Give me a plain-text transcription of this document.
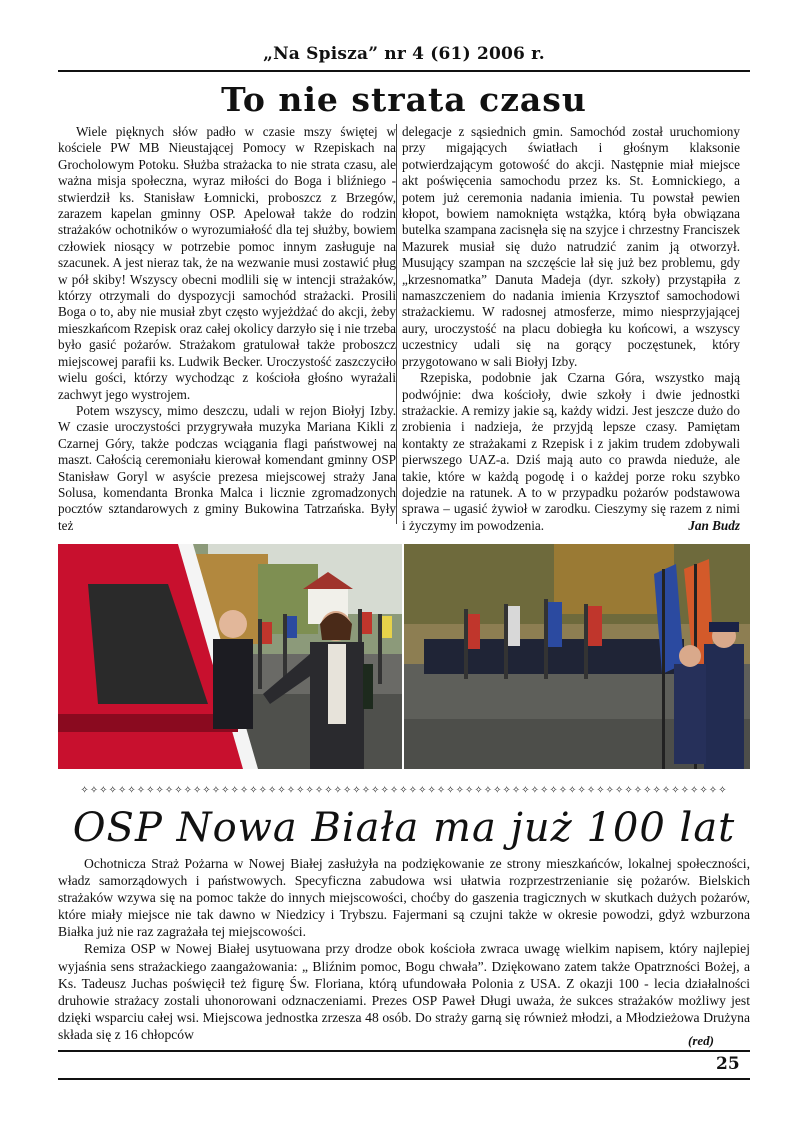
„Na Spisza” nr 4 (61) 2006 r.
To nie strata czasu

Wiele pięknych słów padło w czasie mszy świętej w kościele PW MB Nieustającej Pomocy w Rzepiskach na Grocholowym Potoku. Służba strażacka to nie strata czasu, ale ważna misja społeczna, wyraz miłości do Boga i bliźniego - stwierdził ks. Stanisław Łomnicki, proboszcz z Brzegów, zarazem kapelan gminny OSP. Apelował także do rodzin strażaków ochotników o wyrozumiałość dla tej służby, bowiem człowiek niosący w potrzebie pomoc innym zasługuje na szacunek. A jest nieraz tak, że na wezwanie musi zostawić pług w pół skiby! Wszyscy obecni modlili się w intencji strażaków, którzy otrzymali do dyspozycji samochód strażacki. Prosili Boga o to, aby nie musiał zbyt często wyjeżdżać do akcji, żeby mieszkańcom Rzepisk oraz całej okolicy darzyło się i nie trzeba było gasić pożarów. Strażakom gratulował także proboszcz miejscowej parafii ks. Ludwik Becker. Uroczystość zaszczyciło wielu gości, którzy wychodząc z kościoła głośno wyrażali zachwyt jego wystrojem.

Potem wszyscy, mimo deszczu, udali w rejon Biołyj Izby. W czasie uroczystości przygrywała muzyka Mariana Kikli z Czarnej Góry, także podczas wciągania flagi państwowej na maszt. Całością ceremoniału kierował komendant gminny OSP Stanisław Goryl w asyście prezesa miejscowej straży Jana Solusa, komendanta Bronka Malca i licznie zgromadzonych pocztów sztandarowych z gminy Bukowina Tatrzańska. Były też

delegacje z sąsiednich gmin. Samochód został uruchomiony przy migających światłach i głośnym klaksonie potwierdzającym gotowość do akcji. Następnie miał miejsce akt poświęcenia samochodu przez ks. St. Łomnickiego, a potem już ceremonia nadania imienia. Tu powstał pewien kłopot, bowiem namoknięta wstążka, którą była obwiązana butelka szampana zacisnęła się na szyjce i chrzestny Franciszek Mazurek musiał się dużo natrudzić zanim ją otworzył. Musujący szampan na szczęście lał się już bez problemu, gdy „krzesnomatka” Danuta Madeja (dyr. szkoły) przystąpiła z namaszczeniem do nadania imienia Krzysztof samochodowi strażackiemu. W radosnej atmosferze, mimo niesprzyjającej aury, uroczystość na placu dobiegła ku końcowi, a wszyscy uczestnicy udali się na gorący poczęstunek, który przygotowano w sali Biołyj Izby.

Rzepiska, podobnie jak Czarna Góra, wszystko mają podwójnie: dwa kościoły, dwie szkoły i dwie jednostki strażackie. A remizy jakie są, każdy widzi. Jest jeszcze dużo do zrobienia i nadzieja, że przyjdą lepsze czasy. Pamiętam kontakty ze strażakami z Rzepisk i z jakim trudem zdobywali pierwszego UAZ-a. Dziś mają auto co prawda nieduże, ale takie, które w każdą pogodę i o każdej porze roku szybko dojedzie na ratunek. A to w przypadku pożarów podstawowa sprawa – ugasić żywioł w zarodku. Cieszymy się razem z nimi i życzymy im powodzenia.	Jan Budz

✧✧✧✧✧✧✧✧✧✧✧✧✧✧✧✧✧✧✧✧✧✧✧✧✧✧✧✧✧✧✧✧✧✧✧✧✧✧✧✧✧✧✧✧✧✧✧✧✧✧✧✧✧✧✧✧✧✧✧✧✧✧✧✧✧✧✧✧✧
OSP Nowa Biała ma już 100 lat

Ochotnicza Straż Pożarna w Nowej Białej zasłużyła na podziękowanie ze strony mieszkańców, lokalnej społeczności, władz samorządowych i państwowych. Specyficzna zabudowa wsi ułatwia rozprzestrzenianie się pożarów. Bielskich strażaków wzywa się na pomoc także do innych miejscowości, choćby do gaszenia tragicznych w skutkach dużych pożarów, które miały miejsce nie tak dawno w Niedzicy i Trybszu. Fajermani są czujni także w okresie powodzi, gdyż wzburzona Białka już nie raz zagrażała tej miejscowości.

Remiza OSP w Nowej Białej usytuowana przy drodze obok kościoła zwraca uwagę wielkim napisem, który najlepiej wyjaśnia sens strażackiego zaangażowania: „ Bliźnim pomoc, Bogu chwała”. Dziękowano zatem także Opatrzności Bożej, a Ks. Tadeusz Juchas poświęcił też figurę Św. Floriana, którą ufundowała Polonia z USA. Z okazji 100 - lecia działalności druhowie strażacy zostali uhonorowani odznaczeniami. Prezes OSP Paweł Długi uważa, że sukces strażaków możliwy jest dzięki wsparciu całej wsi. Miejscowa jednostka zrzesza 48 osób. Do straży garną się również młodzi, a Młodzieżowa Drużyna składa się z 16 chłopców	(red)
25
